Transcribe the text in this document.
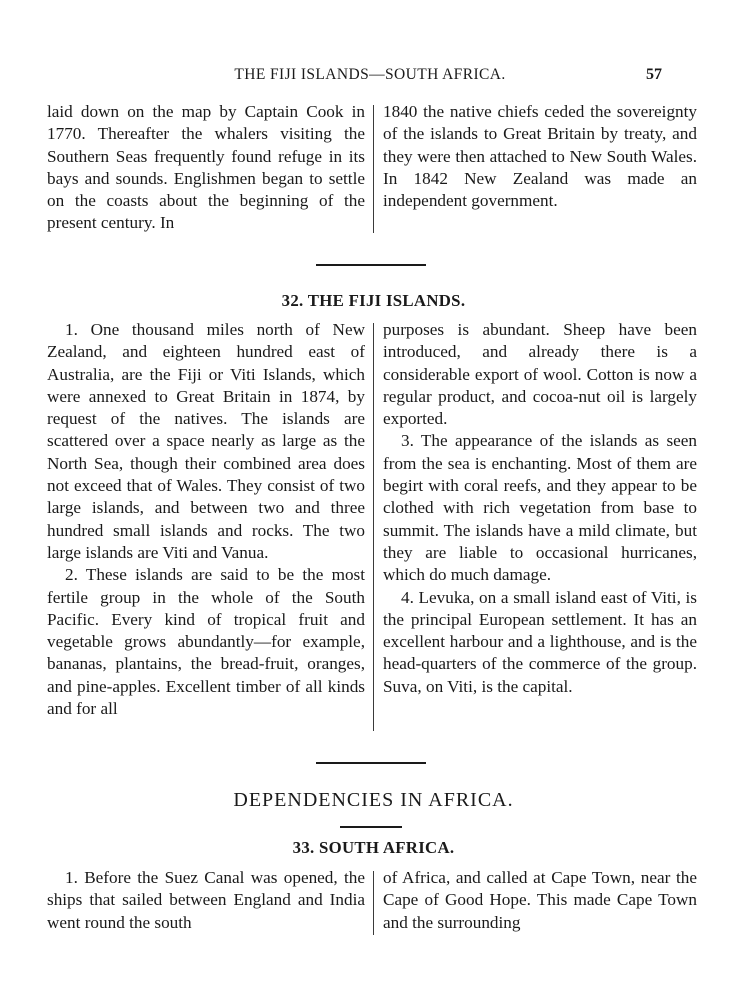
THE FIJI ISLANDS—SOUTH AFRICA.	57

laid down on the map by Captain Cook in 1770. Thereafter the whalers visiting the Southern Seas frequently found refuge in its bays and sounds. Englishmen began to settle on the coasts about the beginning of the present century. In

1840 the native chiefs ceded the sovereignty of the islands to Great Britain by treaty, and they were then attached to New South Wales. In 1842 New Zealand was made an independent government.

32. THE FIJI ISLANDS.

1. One thousand miles north of New Zealand, and eighteen hundred east of Australia, are the Fiji or Viti Islands, which were annexed to Great Britain in 1874, by request of the natives. The islands are scattered over a space nearly as large as the North Sea, though their combined area does not exceed that of Wales. They consist of two large islands, and between two and three hundred small islands and rocks. The two large islands are Viti and Vanua.

2. These islands are said to be the most fertile group in the whole of the South Pacific. Every kind of tropical fruit and vegetable grows abundantly—for example, bananas, plantains, the bread-fruit, oranges, and pine-apples. Excellent timber of all kinds and for all

purposes is abundant. Sheep have been introduced, and already there is a considerable export of wool. Cotton is now a regular product, and cocoa-nut oil is largely exported.

3. The appearance of the islands as seen from the sea is enchanting. Most of them are begirt with coral reefs, and they appear to be clothed with rich vegetation from base to summit. The islands have a mild climate, but they are liable to occasional hurricanes, which do much damage.

4. Levuka, on a small island east of Viti, is the principal European settlement. It has an excellent harbour and a lighthouse, and is the head-quarters of the commerce of the group. Suva, on Viti, is the capital.

DEPENDENCIES IN AFRICA.
33. SOUTH AFRICA.

1. Before the Suez Canal was opened, the ships that sailed between England and India went round the south

of Africa, and called at Cape Town, near the Cape of Good Hope. This made Cape Town and the surrounding
